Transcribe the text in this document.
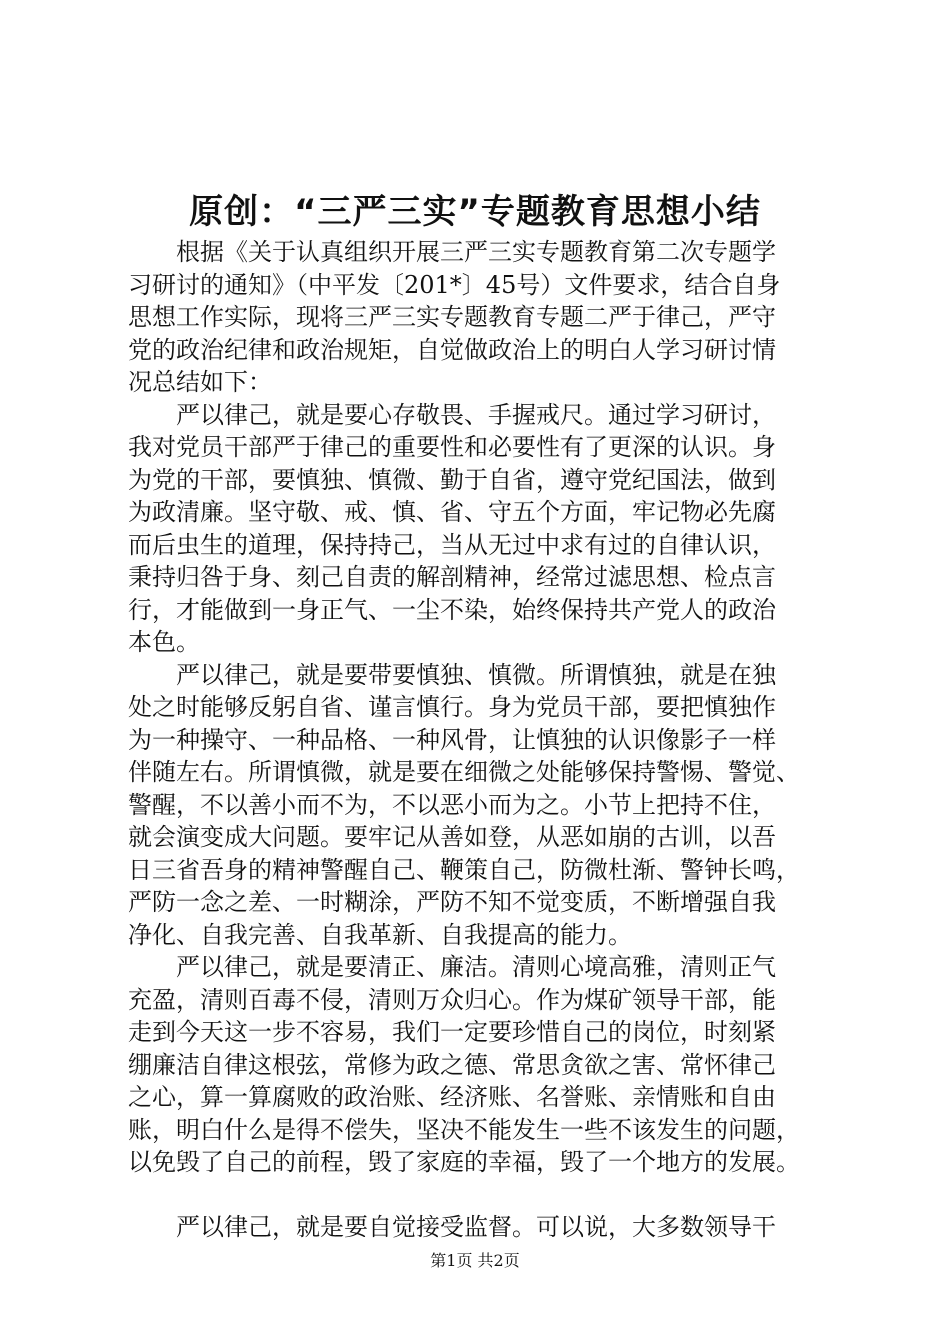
原创：“三严三实”专题教育思想小结

　　根据《关于认真组织开展三严三实专题教育第二次专题学
习研讨的通知》（中平发〔201*〕45号）文件要求，结合自身
思想工作实际，现将三严三实专题教育专题二严于律己，严守
党的政治纪律和政治规矩，自觉做政治上的明白人学习研讨情
况总结如下：

　　严以律己，就是要心存敬畏、手握戒尺。通过学习研讨，
我对党员干部严于律己的重要性和必要性有了更深的认识。身
为党的干部，要慎独、慎微、勤于自省，遵守党纪国法，做到
为政清廉。坚守敬、戒、慎、省、守五个方面，牢记物必先腐
而后虫生的道理，保持持己，当从无过中求有过的自律认识，
秉持归咎于身、刻己自责的解剖精神，经常过滤思想、检点言
行，才能做到一身正气、一尘不染，始终保持共产党人的政治
本色。

　　严以律己，就是要带要慎独、慎微。所谓慎独，就是在独
处之时能够反躬自省、谨言慎行。身为党员干部，要把慎独作
为一种操守、一种品格、一种风骨，让慎独的认识像影子一样
伴随左右。所谓慎微，就是要在细微之处能够保持警惕、警觉、
警醒，不以善小而不为，不以恶小而为之。小节上把持不住，
就会演变成大问题。要牢记从善如登，从恶如崩的古训，以吾
日三省吾身的精神警醒自己、鞭策自己，防微杜渐、警钟长鸣，
严防一念之差、一时糊涂，严防不知不觉变质，不断增强自我
净化、自我完善、自我革新、自我提高的能力。

　　严以律己，就是要清正、廉洁。清则心境高雅，清则正气
充盈，清则百毒不侵，清则万众归心。作为煤矿领导干部，能
走到今天这一步不容易，我们一定要珍惜自己的岗位，时刻紧
绷廉洁自律这根弦，常修为政之德、常思贪欲之害、常怀律己
之心，算一算腐败的政治账、经济账、名誉账、亲情账和自由
账，明白什么是得不偿失，坚决不能发生一些不该发生的问题，
以免毁了自己的前程，毁了家庭的幸福，毁了一个地方的发展。

　　严以律己，就是要自觉接受监督。可以说，大多数领导干

第1页 共2页
